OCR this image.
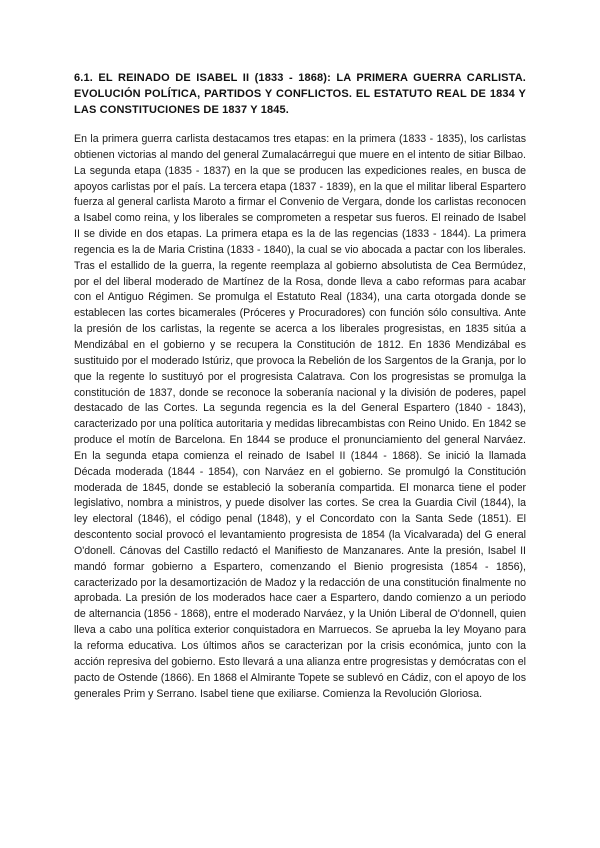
6.1. EL REINADO DE ISABEL II (1833 - 1868): LA PRIMERA GUERRA CARLISTA. EVOLUCIÓN POLÍTICA, PARTIDOS Y CONFLICTOS. EL ESTATUTO REAL DE 1834 Y LAS CONSTITUCIONES DE 1837 Y 1845.

En la primera guerra carlista destacamos tres etapas: en la primera (1833 - 1835), los carlistas obtienen victorias al mando del general Zumalacárregui que muere en el intento de sitiar Bilbao. La segunda etapa (1835 - 1837) en la que se producen las expediciones reales, en busca de apoyos carlistas por el país. La tercera etapa (1837 - 1839), en la que el militar liberal Espartero fuerza al general carlista Maroto a firmar el Convenio de Vergara, donde los carlistas reconocen a Isabel como reina, y los liberales se comprometen a respetar sus fueros. El reinado de Isabel II se divide en dos etapas. La primera etapa es la de las regencias (1833 - 1844). La primera regencia es la de Maria Cristina (1833 - 1840), la cual se vio abocada a pactar con los liberales. Tras el estallido de la guerra, la regente reemplaza al gobierno absolutista de Cea Bermúdez, por el del liberal moderado de Martínez de la Rosa, donde lleva a cabo reformas para acabar con el Antiguo Régimen. Se promulga el Estatuto Real (1834), una carta otorgada donde se establecen las cortes bicamerales (Próceres y Procuradores) con función sólo consultiva. Ante la presión de los carlistas, la regente se acerca a los liberales progresistas, en 1835 sitúa a Mendizábal en el gobierno y se recupera la Constitución de 1812. En 1836 Mendizábal es sustituido por el moderado Istúriz, que provoca la Rebelión de los Sargentos de la Granja, por lo que la regente lo sustituyó por el progresista Calatrava. Con los progresistas se promulga la constitución de 1837, donde se reconoce la soberanía nacional y la división de poderes, papel destacado de las Cortes. La segunda regencia es la del General Espartero (1840 - 1843), caracterizado por una política autoritaria y medidas librecambistas con Reino Unido. En 1842 se produce el motín de Barcelona. En 1844 se produce el pronunciamiento del general Narváez. En la segunda etapa comienza el reinado de Isabel II (1844 - 1868). Se inició la llamada Década moderada (1844 - 1854), con Narváez en el gobierno. Se promulgó la Constitución moderada de 1845, donde se estableció la soberanía compartida. El monarca tiene el poder legislativo, nombra a ministros, y puede disolver las cortes. Se crea la Guardia Civil (1844), la ley electoral (1846), el código penal (1848), y el Concordato con la Santa Sede (1851). El descontento social provocó el levantamiento progresista de 1854 (la Vicalvarada) del G eneral O'donell. Cánovas del Castillo redactó el Manifiesto de Manzanares. Ante la presión, Isabel II mandó formar gobierno a Espartero, comenzando el Bienio progresista (1854 - 1856), caracterizado por la desamortización de Madoz y la redacción de una constitución finalmente no aprobada. La presión de los moderados hace caer a Espartero, dando comienzo a un periodo de alternancia (1856 - 1868), entre el moderado Narváez, y la Unión Liberal de O'donnell, quien lleva a cabo una política exterior conquistadora en Marruecos. Se aprueba la ley Moyano para la reforma educativa. Los últimos años se caracterizan por la crisis económica, junto con la acción represiva del gobierno. Esto llevará a una alianza entre progresistas y demócratas con el pacto de Ostende (1866). En 1868 el Almirante Topete se sublevó en Cádiz, con el apoyo de los generales Prim y Serrano. Isabel tiene que exiliarse. Comienza la Revolución Gloriosa.
